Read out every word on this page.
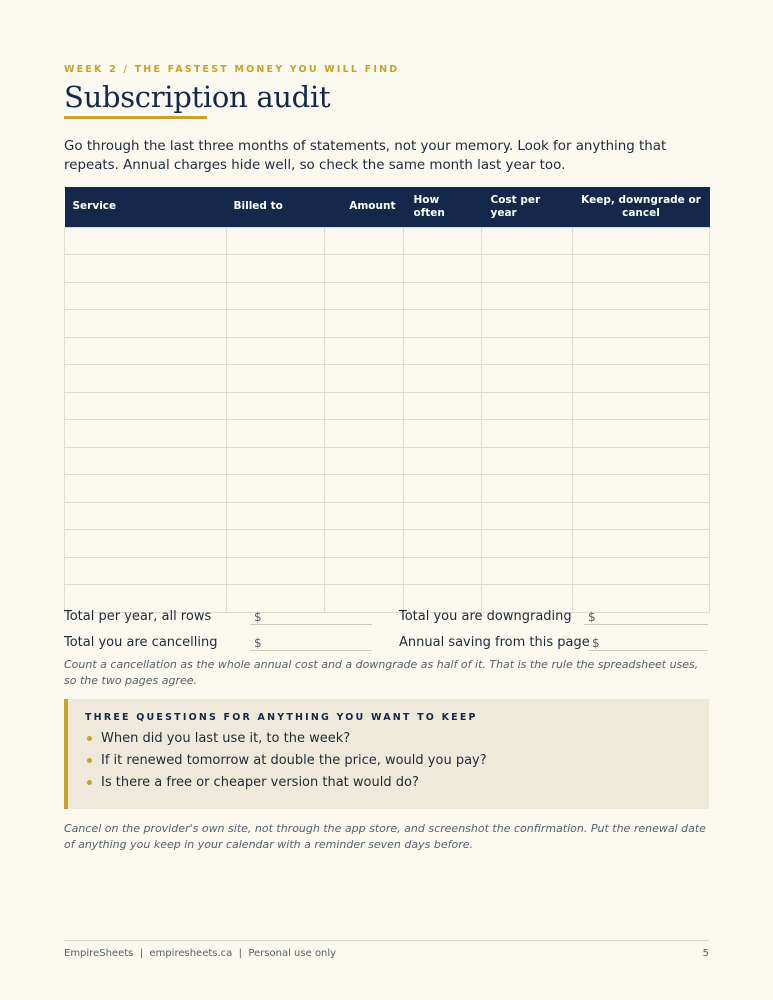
WEEK 2 / THE FASTEST MONEY YOU WILL FIND
Subscription audit

Go through the last three months of statements, not your memory. Look for anything that repeats. Annual charges hide well, so check the same month last year too.

Service	Billed to	Amount	How often	Cost per year	Keep, downgrade or cancel

Total per year, all rows	$	Total you are downgrading $
Total you are cancelling	$	Annual saving from this page $

Count a cancellation as the whole annual cost and a downgrade as half of it. That is the rule the spreadsheet uses, so the two pages agree.

THREE QUESTIONS FOR ANYTHING YOU WANT TO KEEP
When did you last use it, to the week?
If it renewed tomorrow at double the price, would you pay?
Is there a free or cheaper version that would do?

Cancel on the provider's own site, not through the app store, and screenshot the confirmation. Put the renewal date of anything you keep in your calendar with a reminder seven days before.

EmpireSheets  |  empiresheets.ca  |  Personal use only	5
